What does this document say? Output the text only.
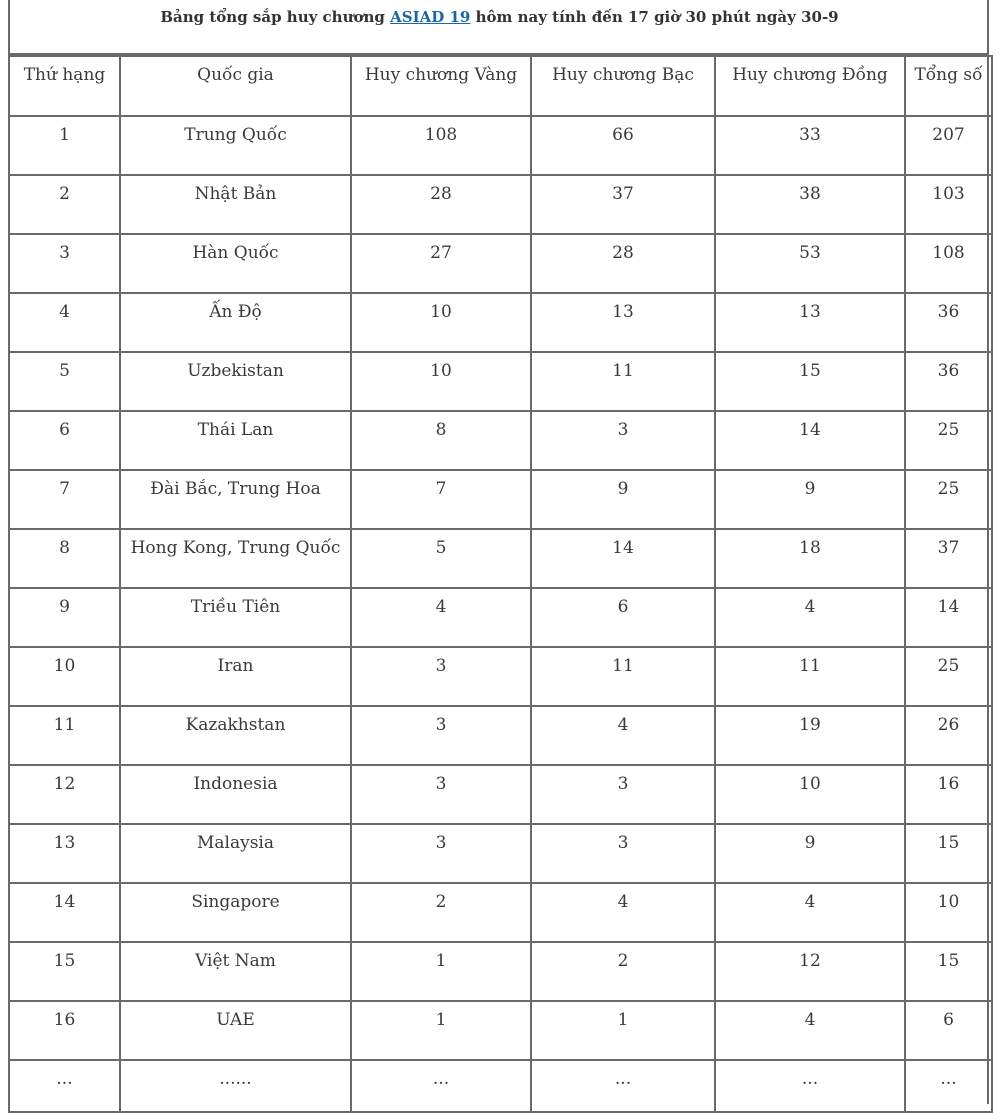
Bảng tổng sắp huy chương ASIAD 19 hôm nay tính đến 17 giờ 30 phút ngày 30-9
Thứ hạng	Quốc gia	Huy chương Vàng	Huy chương Bạc	Huy chương Đồng	Tổng số
1	Trung Quốc	108	66	33	207
2	Nhật Bản	28	37	38	103
3	Hàn Quốc	27	28	53	108
4	Ấn Độ	10	13	13	36
5	Uzbekistan	10	11	15	36
6	Thái Lan	8	3	14	25
7	Đài Bắc, Trung Hoa	7	9	9	25
8	Hong Kong, Trung Quốc	5	14	18	37
9	Triều Tiên	4	6	4	14
10	Iran	3	11	11	25
11	Kazakhstan	3	4	19	26
12	Indonesia	3	3	10	16
13	Malaysia	3	3	9	15
14	Singapore	2	4	4	10
15	Việt Nam	1	2	12	15
16	UAE	1	1	4	6
...	......	...	...	...	...
